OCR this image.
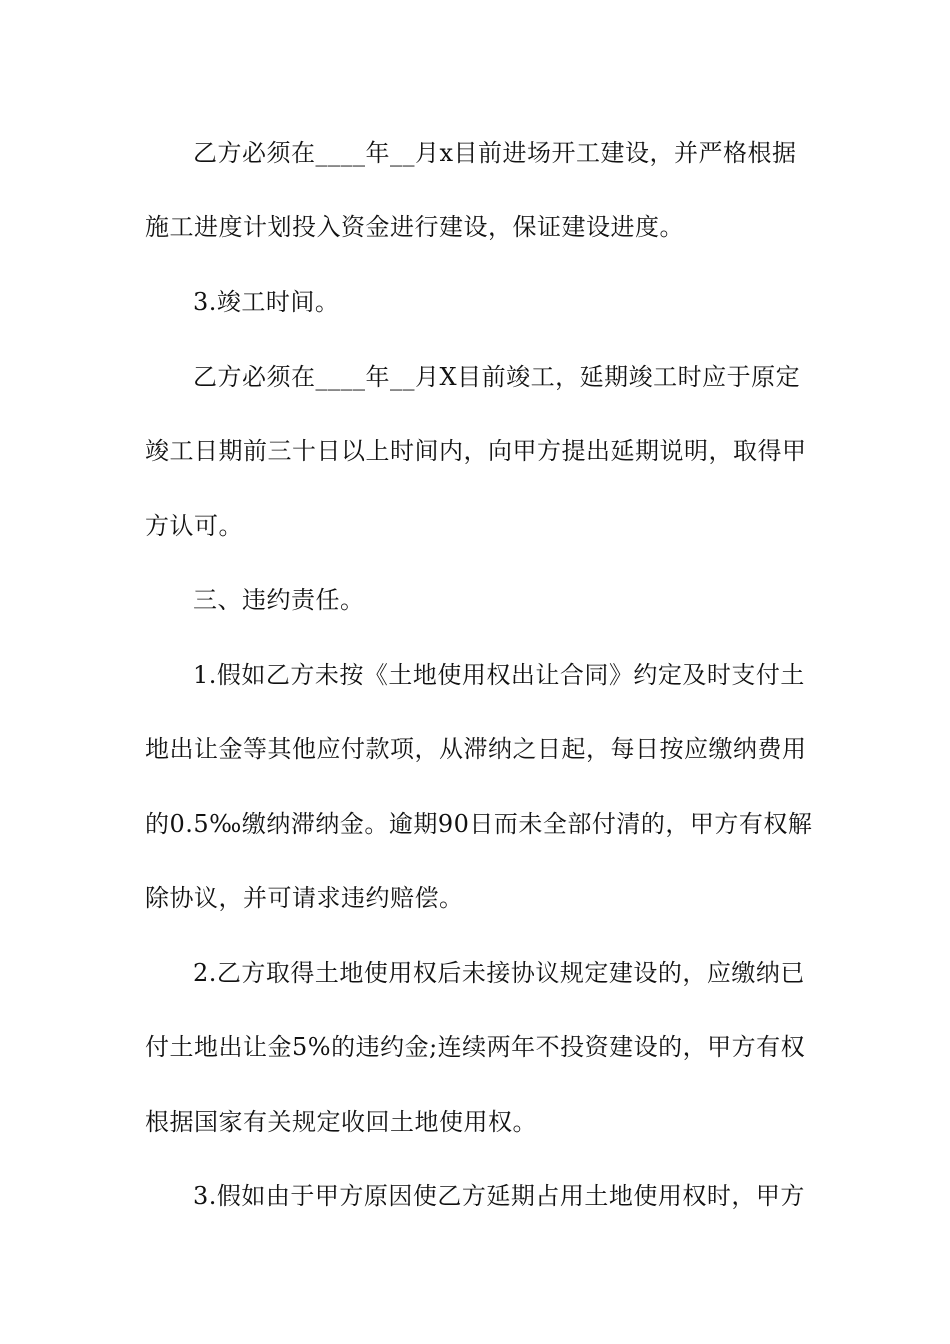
乙方必须在____年__月x目前进场开工建设，并严格根据
施工进度计划投入资金进行建设，保证建设进度。
3.竣工时间。
乙方必须在____年__月X目前竣工，延期竣工时应于原定
竣工日期前三十日以上时间内，向甲方提出延期说明，取得甲
方认可。
三、违约责任。
1.假如乙方未按《土地使用权出让合同》约定及时支付土
地出让金等其他应付款项，从滞纳之日起，每日按应缴纳费用
的0.5‰缴纳滞纳金。逾期90日而未全部付清的，甲方有权解
除协议，并可请求违约赔偿。
2.乙方取得土地使用权后未接协议规定建设的，应缴纳已
付土地出让金5%的违约金;连续两年不投资建设的，甲方有权
根据国家有关规定收回土地使用权。
3.假如由于甲方原因使乙方延期占用土地使用权时，甲方
